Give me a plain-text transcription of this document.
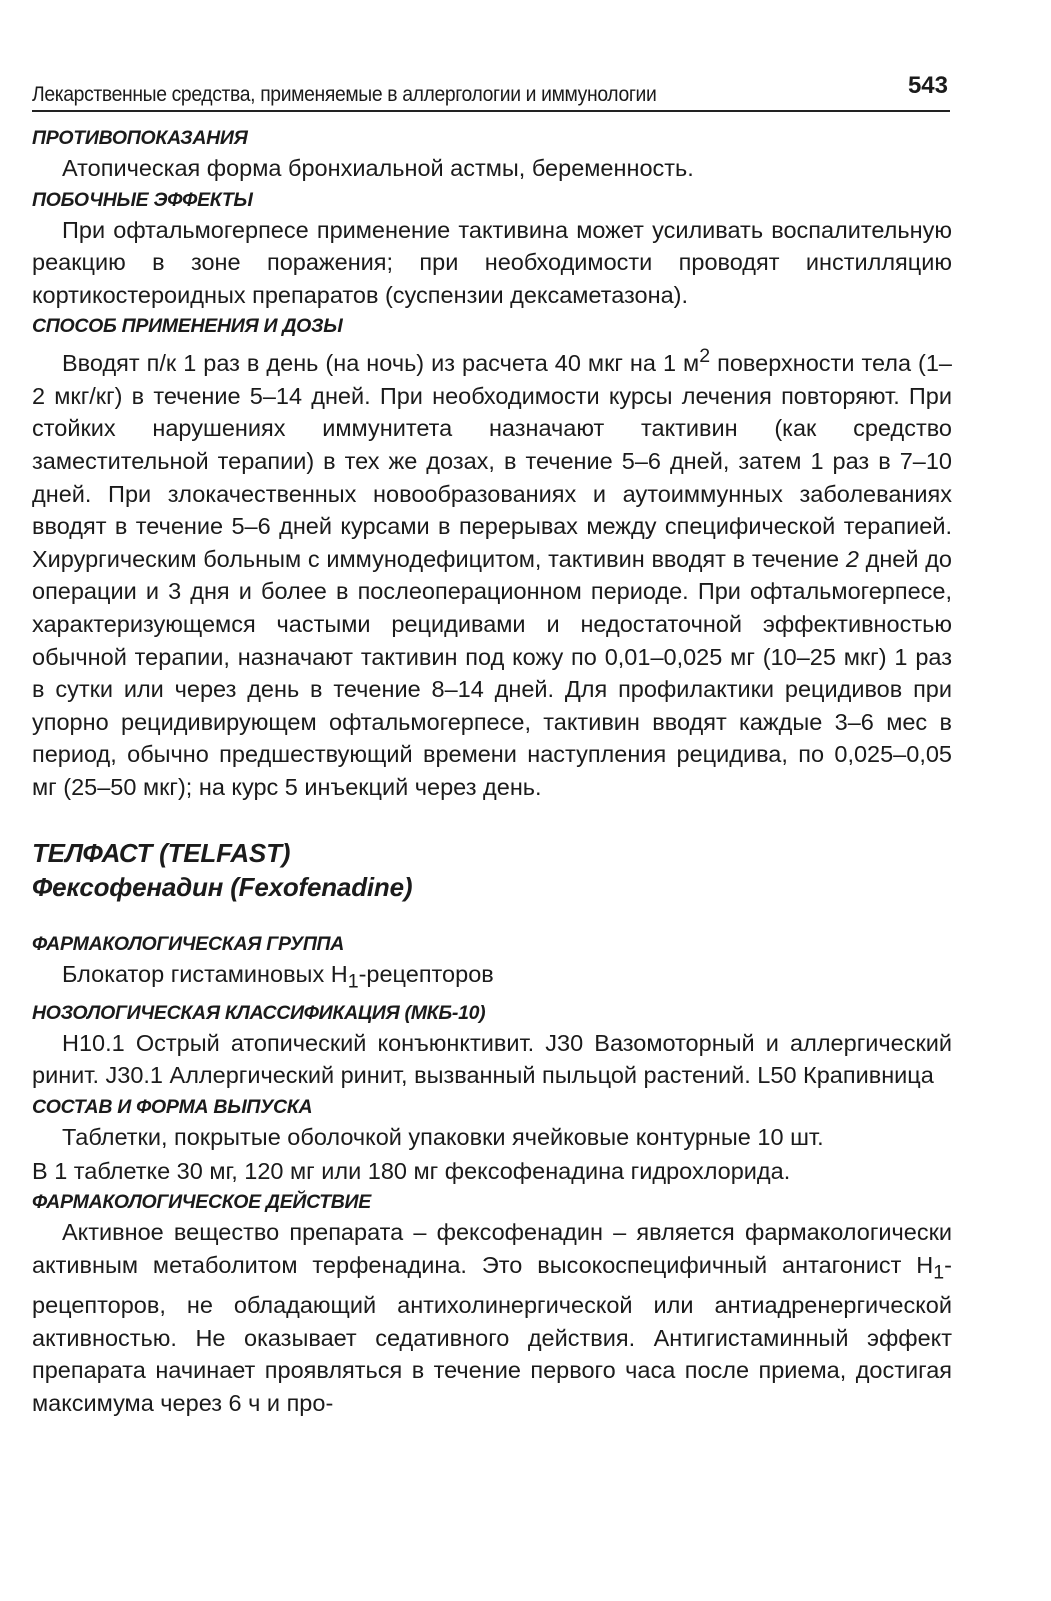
Лекарственные средства, применяемые в аллергологии и иммунологии	543
ПРОТИВОПОКАЗАНИЯ

Атопическая форма бронхиальной астмы, беременность.

ПОБОЧНЫЕ ЭФФЕКТЫ

При офтальмогерпесе применение тактивина может усиливать воспалительную реакцию в зоне поражения; при необходимости проводят инстилляцию кортикостероидных препаратов (суспензии дексаметазона).

СПОСОБ ПРИМЕНЕНИЯ И ДОЗЫ

Вводят п/к 1 раз в день (на ночь) из расчета 40 мкг на 1 $м^2$ поверхности тела (1–2 мкг/кг) в течение 5–14 дней. При необходимости курсы лечения повторяют. При стойких нарушениях иммунитета назначают тактивин (как средство заместительной терапии) в тех же дозах, в течение 5–6 дней, затем 1 раз в 7–10 дней. При злокачественных новообразованиях и аутоиммунных заболеваниях вводят в течение 5–6 дней курсами в перерывах между специфической терапией. Хирургическим больным с иммунодефицитом, тактивин вводят в течение 2 дней до операции и 3 дня и более в послеоперационном периоде. При офтальмогерпесе, характеризующемся частыми рецидивами и недостаточной эффективностью обычной терапии, назначают тактивин под кожу по 0,01–0,025 мг (10–25 мкг) 1 раз в сутки или через день в течение 8–14 дней. Для профилактики рецидивов при упорно рецидивирующем офтальмогерпесе, тактивин вводят каждые 3–6 мес в период, обычно предшествующий времени наступления рецидива, по 0,025–0,05 мг (25–50 мкг); на курс 5 инъекций через день.

ТЕЛФАСТ (TELFAST)
Фексофенадин (Fexofenadine)
ФАРМАКОЛОГИЧЕСКАЯ ГРУППА

Блокатор гистаминовых $H_1$-рецепторов

НОЗОЛОГИЧЕСКАЯ КЛАССИФИКАЦИЯ (МКБ-10)

H10.1 Острый атопический конъюнктивит. J30 Вазомоторный и аллергический ринит. J30.1 Аллергический ринит, вызванный пыльцой растений. L50 Крапивница

СОСТАВ И ФОРМА ВЫПУСКА

Таблетки, покрытые оболочкой упаковки ячейковые контурные 10 шт.

В 1 таблетке 30 мг, 120 мг или 180 мг фексофенадина гидрохлорида.

ФАРМАКОЛОГИЧЕСКОЕ ДЕЙСТВИЕ

Активное вещество препарата – фексофенадин – является фармакологически активным метаболитом терфенадина. Это высокоспецифичный антагонист $H_1$-рецепторов, не обладающий антихолинергической или антиадренергической активностью. Не оказывает седативного действия. Антигистаминный эффект препарата начинает проявляться в течение первого часа после приема, достигая максимума через 6 ч и про-
